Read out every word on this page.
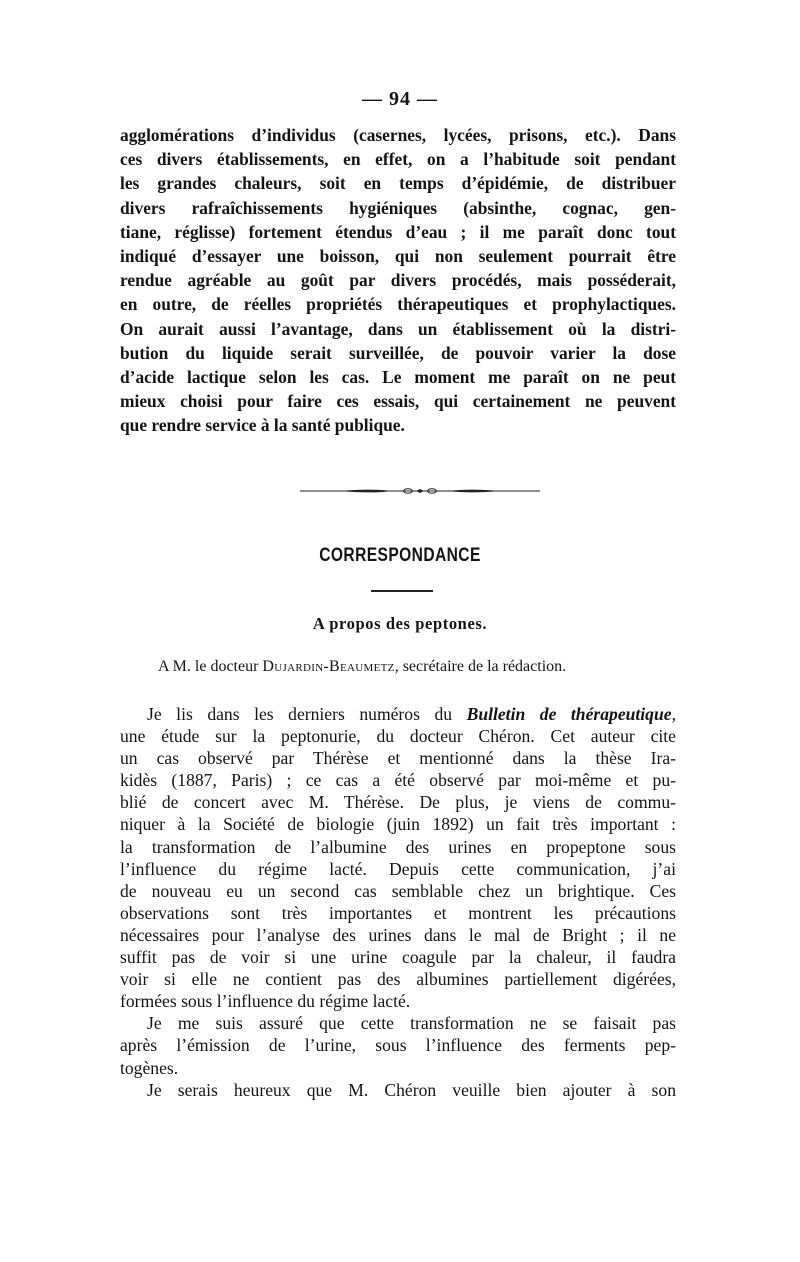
— 94 —
agglomérations d’individus (casernes, lycées, prisons, etc.). Dans
ces divers établissements, en effet, on a l’habitude soit pendant
les grandes chaleurs, soit en temps d’épidémie, de distribuer
divers rafraîchissements hygiéniques (absinthe, cognac, gen-
tiane, réglisse) fortement étendus d’eau ; il me paraît donc tout
indiqué d’essayer une boisson, qui non seulement pourrait être
rendue agréable au goût par divers procédés, mais posséderait,
en outre, de réelles propriétés thérapeutiques et prophylactiques.
On aurait aussi l’avantage, dans un établissement où la distri-
bution du liquide serait surveillée, de pouvoir varier la dose
d’acide lactique selon les cas. Le moment me paraît on ne peut
mieux choisi pour faire ces essais, qui certainement ne peuvent
que rendre service à la santé publique.
CORRESPONDANCE
A propos des peptones.
A M. le docteur Dujardin-Beaumetz, secrétaire de la rédaction.
Je lis dans les derniers numéros du Bulletin de thérapeutique,
une étude sur la peptonurie, du docteur Chéron. Cet auteur cite
un cas observé par Thérèse et mentionné dans la thèse Ira-
kidès (1887, Paris) ; ce cas a été observé par moi-même et pu-
blié de concert avec M. Thérèse. De plus, je viens de commu-
niquer à la Société de biologie (juin 1892) un fait très important :
la transformation de l’albumine des urines en propeptone sous
l’influence du régime lacté. Depuis cette communication, j’ai
de nouveau eu un second cas semblable chez un brightique. Ces
observations sont très importantes et montrent les précautions
nécessaires pour l’analyse des urines dans le mal de Bright ; il ne
suffit pas de voir si une urine coagule par la chaleur, il faudra
voir si elle ne contient pas des albumines partiellement digérées,
formées sous l’influence du régime lacté.
Je me suis assuré que cette transformation ne se faisait pas
après l’émission de l’urine, sous l’influence des ferments pep-
togènes.
Je serais heureux que M. Chéron veuille bien ajouter à son
